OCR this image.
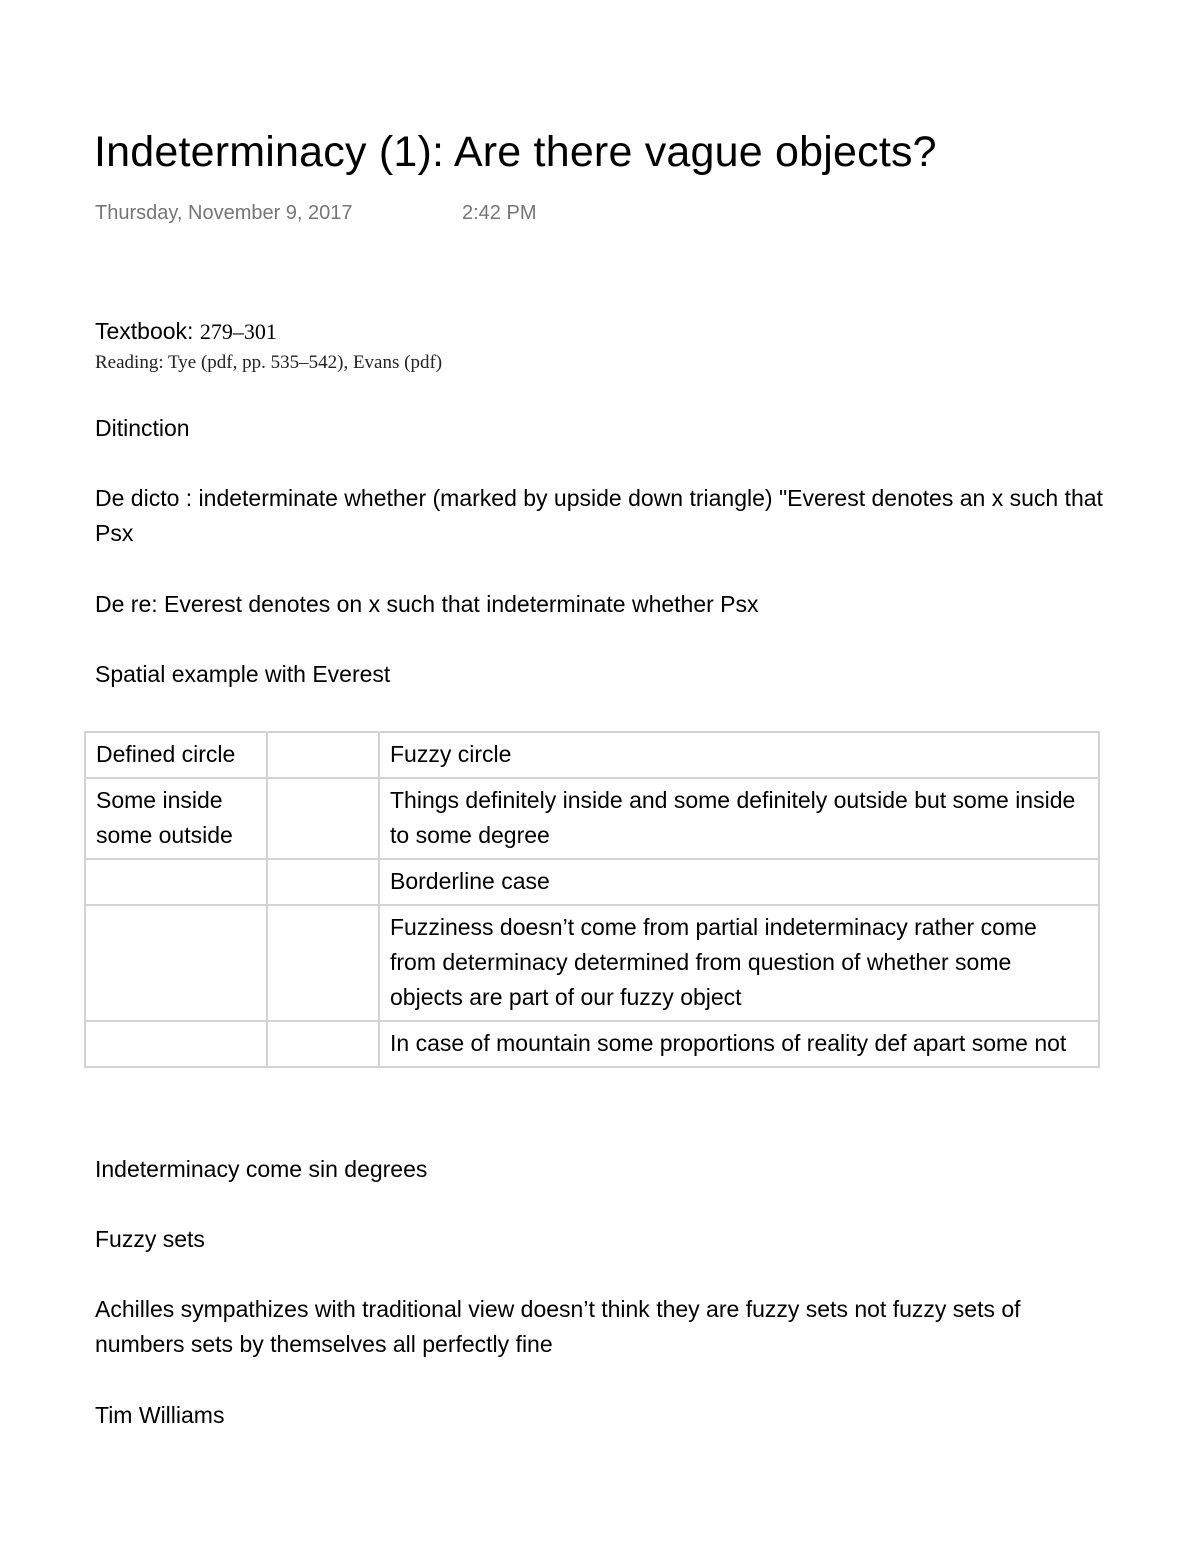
Indeterminacy (1): Are there vague objects?
Thursday, November 9, 2017	2:42 PM
Textbook: 279–301
Reading: Tye (pdf, pp. 535–542), Evans (pdf)
Ditinction
De dicto : indeterminate whether (marked by upside down triangle) "Everest denotes an x such that Psx
De re: Everest denotes on x such that indeterminate whether Psx
Spatial example with Everest
Defined circle		Fuzzy circle
Some inside some outside		Things definitely inside and some definitely outside but some inside to some degree
		Borderline case
		Fuzziness doesn’t come from partial indeterminacy rather come from determinacy determined from question of whether some objects are part of our fuzzy object
		In case of mountain some proportions of reality def apart some not
Indeterminacy come sin degrees
Fuzzy sets
Achilles sympathizes with traditional view doesn’t think they are fuzzy sets not fuzzy sets of numbers sets by themselves all perfectly fine
Tim Williams
